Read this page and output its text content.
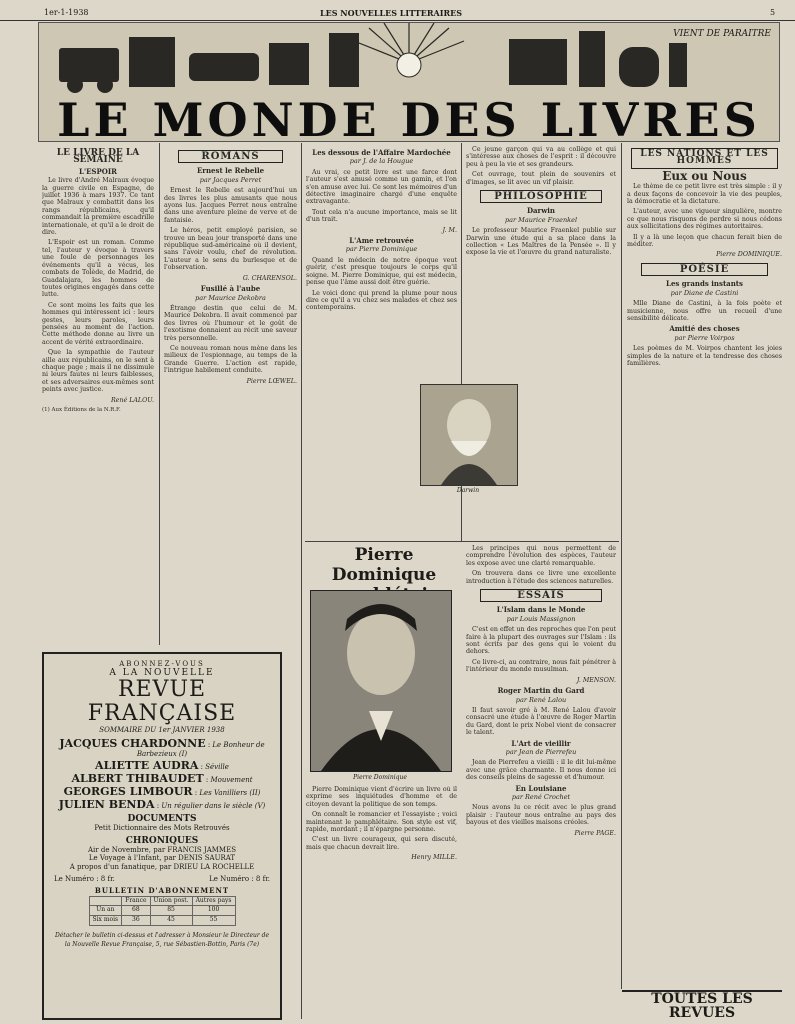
1er-1-1938	LES NOUVELLES LITTERAIRES	5
VIENT DE PARAITRE
LE MONDE DES LIVRES
LE LIVRE DE LA SEMAINE
L'ESPOIR

Le livre d'André Malraux évoque la guerre civile en Espagne, de juillet 1936 à mars 1937. Ce tant que Malraux y combattit dans les rangs républicains, qu'il commandait la première escadrille internationale, et qu'il a le droit de dire.

L'Espoir est un roman. Comme tel, l'auteur y évoque à travers une foule de personnages les événements qu'il a vécus, les combats de Tolède, de Madrid, de Guadalajara, les hommes de toutes origines engagés dans cette lutte.

Ce sont moins les faits que les hommes qui intéressent ici : leurs gestes, leurs paroles, leurs pensées au moment de l'action. Cette méthode donne au livre un accent de vérité extraordinaire.

Que la sympathie de l'auteur aille aux républicains, on le sent à chaque page ; mais il ne dissimule ni leurs fautes ni leurs faiblesses, et ses adversaires eux-mêmes sont peints avec justice.

René LALOU.

(1) Aux Éditions de la N.R.F.

ABONNEZ-VOUS
A LA NOUVELLE
REVUE FRANÇAISE
SOMMAIRE DU 1er JANVIER 1938
JACQUES CHARDONNE : Le Bonheur de Barbezieux (I)
ALIETTE AUDRA : Séville
ALBERT THIBAUDET : Mouvement
GEORGES LIMBOUR : Les Vanilliers (II)
JULIEN BENDA : Un régulier dans le siècle (V)
DOCUMENTS
Petit Dictionnaire des Mots Retrouvés
CHRONIQUES
Air de Novembre, par FRANCIS JAMMES
Le Voyage à l'Infant, par DENIS SAURAT
A propos d'un fanatique, par DRIEU LA ROCHELLE
Le Numéro : 8 fr.	Le Numéro : 8 fr.
BULLETIN D'ABONNEMENT
	France	Union post.	Autres pays
Un an	68	85	100
Six mois	36	45	55
Détacher le bulletin ci-dessus et l'adresser à Monsieur le Directeur de la Nouvelle Revue Française, 5, rue Sébastien-Bottin, Paris (7e)
ROMANS
Ernest le Rebelle
par Jacques Perret

Ernest le Rebelle est aujourd'hui un des livres les plus amusants que nous ayons lus. Jacques Perret nous entraîne dans une aventure pleine de verve et de fantaisie.

Le héros, petit employé parisien, se trouve un beau jour transporté dans une république sud-américaine où il devient, sans l'avoir voulu, chef de révolution. L'auteur a le sens du burlesque et de l'observation.

G. CHARENSOL.

Fusillé à l'aube
par Maurice Dekobra

Étrange destin que celui de M. Maurice Dekobra. Il avait commencé par des livres où l'humour et le goût de l'exotisme donnaient au récit une saveur très personnelle.

Ce nouveau roman nous mène dans les milieux de l'espionnage, au temps de la Grande Guerre. L'action est rapide, l'intrigue habilement conduite.

Pierre LŒWEL.

Les dessous de l'Affaire Mardochée
par J. de la Hougue

Au vrai, ce petit livre est une farce dont l'auteur s'est amusé comme un gamin, et l'on s'en amuse avec lui. Ce sont les mémoires d'un détective imaginaire chargé d'une enquête extravagante.

Tout cela n'a aucune importance, mais se lit d'un trait.

J. M.

L'Ame retrouvée
par Pierre Dominique

Quand le médecin de notre époque veut guérir, c'est presque toujours le corps qu'il soigne. M. Pierre Dominique, qui est médecin, pense que l'âme aussi doit être guérie.

Le voici donc qui prend la plume pour nous dire ce qu'il a vu chez ses malades et chez ses contemporains.

Ce jeune garçon qui va au collège et qui s'intéresse aux choses de l'esprit : il découvre peu à peu la vie et ses grandeurs.

Cet ouvrage, tout plein de souvenirs et d'images, se lit avec un vif plaisir.

PHILOSOPHIE
Darwin
par Maurice Fraenkel

Le professeur Maurice Fraenkel publie sur Darwin une étude qui a sa place dans la collection « Les Maîtres de la Pensée ». Il y expose la vie et l'œuvre du grand naturaliste.

Darwin

Les principes qui nous permettent de comprendre l'évolution des espèces, l'auteur les expose avec une clarté remarquable.

On trouvera dans ce livre une excellente introduction à l'étude des sciences naturelles.

ESSAIS
L'Islam dans le Monde
par Louis Massignon

C'est en effet un des reproches que l'on peut faire à la plupart des ouvrages sur l'Islam : ils sont écrits par des gens qui le voient du dehors.

Ce livre-ci, au contraire, nous fait pénétrer à l'intérieur du monde musulman.

J. MENSON.

Roger Martin du Gard
par René Lalou

Il faut savoir gré à M. René Lalou d'avoir consacré une étude à l'œuvre de Roger Martin du Gard, dont le prix Nobel vient de consacrer le talent.

L'Art de vieillir
par Jean de Pierrefeu

Jean de Pierrefeu a vieilli : il le dit lui-même avec une grâce charmante. Il nous donne ici des conseils pleins de sagesse et d'humour.

En Louisiane
par René Crochet

Nous avons lu ce récit avec le plus grand plaisir : l'auteur nous entraîne au pays des bayous et des vieilles maisons créoles.

Pierre PAGE.

Pierre Dominique
Pierre Dominique

Pierre Dominique vient d'écrire un livre où il exprime ses inquiétudes d'homme et de citoyen devant la politique de son temps.

On connaît le romancier et l'essayiste ; voici maintenant le pamphlétaire. Son style est vif, rapide, mordant ; il n'épargne personne.

C'est un livre courageux, qui sera discuté, mais que chacun devrait lire.

Henry MILLE.

LES NATIONS ET LES HOMMES
Eux ou Nous

Le thème de ce petit livre est très simple : il y a deux façons de concevoir la vie des peuples, la démocratie et la dictature.

L'auteur, avec une vigueur singulière, montre ce que nous risquons de perdre si nous cédons aux sollicitations des régimes autoritaires.

Il y a là une leçon que chacun ferait bien de méditer.

Pierre DOMINIQUE.

POÉSIE
Les grands instants
par Diane de Castini

Mlle Diane de Castini, à la fois poète et musicienne, nous offre un recueil d'une sensibilité délicate.

Amitié des choses
par Pierre Voirpos

Les poèmes de M. Voirpos chantent les joies simples de la nature et la tendresse des choses familières.

TOUTES LES REVUES
